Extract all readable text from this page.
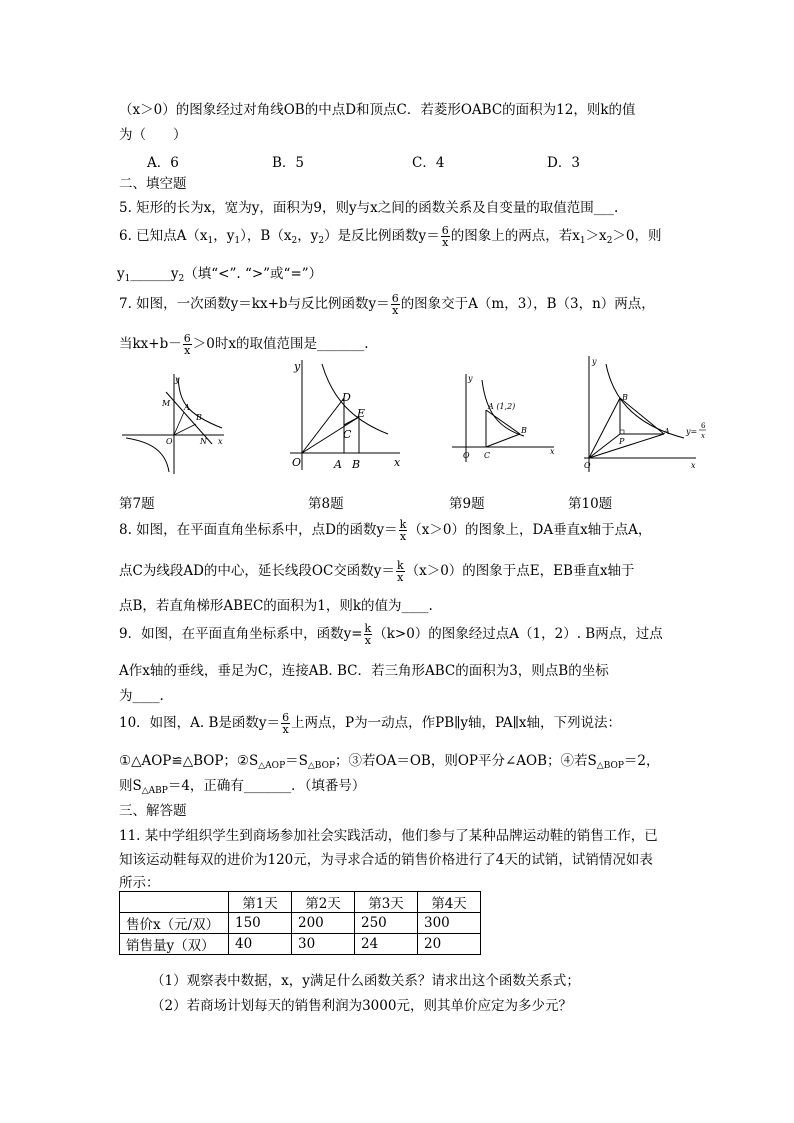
（x＞0）的图象经过对角线OB的中点D和顶点C．若菱形OABC的面积为12，则k的值
为（　　）
A．6	B．5	C．4	D．3
二、填空题
5. 矩形的长为x，宽为y，面积为9，则y与x之间的函数关系及自变量的取值范围___.
6. 已知点$A(x_1$，$y_1$），$B(x_2$，$y_2$）是反比例函数$y= \frac{6}{x}$ 的图象上的两点，若$x_1>x_2>0$，则
$y_1\_\_\_\_\_\_y_2$（填“<”. “>”或“=”）
7. 如图，一次函数y＝kx+b与反比例函数$y= \frac{6}{x}$ 的图象交于A（m，3），B（3，n）两点，
当$kx+b- \frac{6}{x} >0$时x的取值范围是_______.
y
M A
B
O	N x
y
D
E
C
O	A B	x
y
A (1,2)
B
O C	x
y
B
P
A
O	x
y=
6
x
第7题	第8题	第9题	第10题
8. 如图，在平面直角坐标系中，点D的函数$y= \frac{k}{x} (x>0)$的图象上，DA垂直x轴于点A，
点C为线段AD的中心，延长线段OC交函数$y= \frac{k}{x} (x>0)$的图象于点E，EB垂直x轴于
点B，若直角梯形ABEC的面积为1，则k的值为____.
9．如图，在平面直角坐标系中，函数$y= \frac{k}{x} (k>0)$的图象经过点A（1，2）. B两点，过点
A作x轴的垂线，垂足为C，连接AB. BC．若三角形ABC的面积为3，则点B的坐标
为____.
10．如图，A. B是函数$y= \frac{6}{x}$ 上两点，P为一动点，作PB∥y轴，PA∥x轴，下列说法：
①△AOP≌△BOP；$②S_{\triangle AOP}=S_{\triangle BOP}$；③若OA＝OB，则OP平分∠AOB；④若$S_{\triangle BOP}=2$，
则$S_{\triangle ABP}=4$，正确有_______．（填番号）
三、解答题
11. 某中学组织学生到商场参加社会实践活动，他们参与了某种品牌运动鞋的销售工作，已
知该运动鞋每双的进价为120元，为寻求合适的销售价格进行了4天的试销，试销情况如表
所示：
	第1天	第2天	第3天	第4天
售价x（元/双）	150	200	250	300
销售量y（双）	40	30	24	20
（1）观察表中数据，x，y满足什么函数关系？请求出这个函数关系式；
（2）若商场计划每天的销售利润为3000元，则其单价应定为多少元？
